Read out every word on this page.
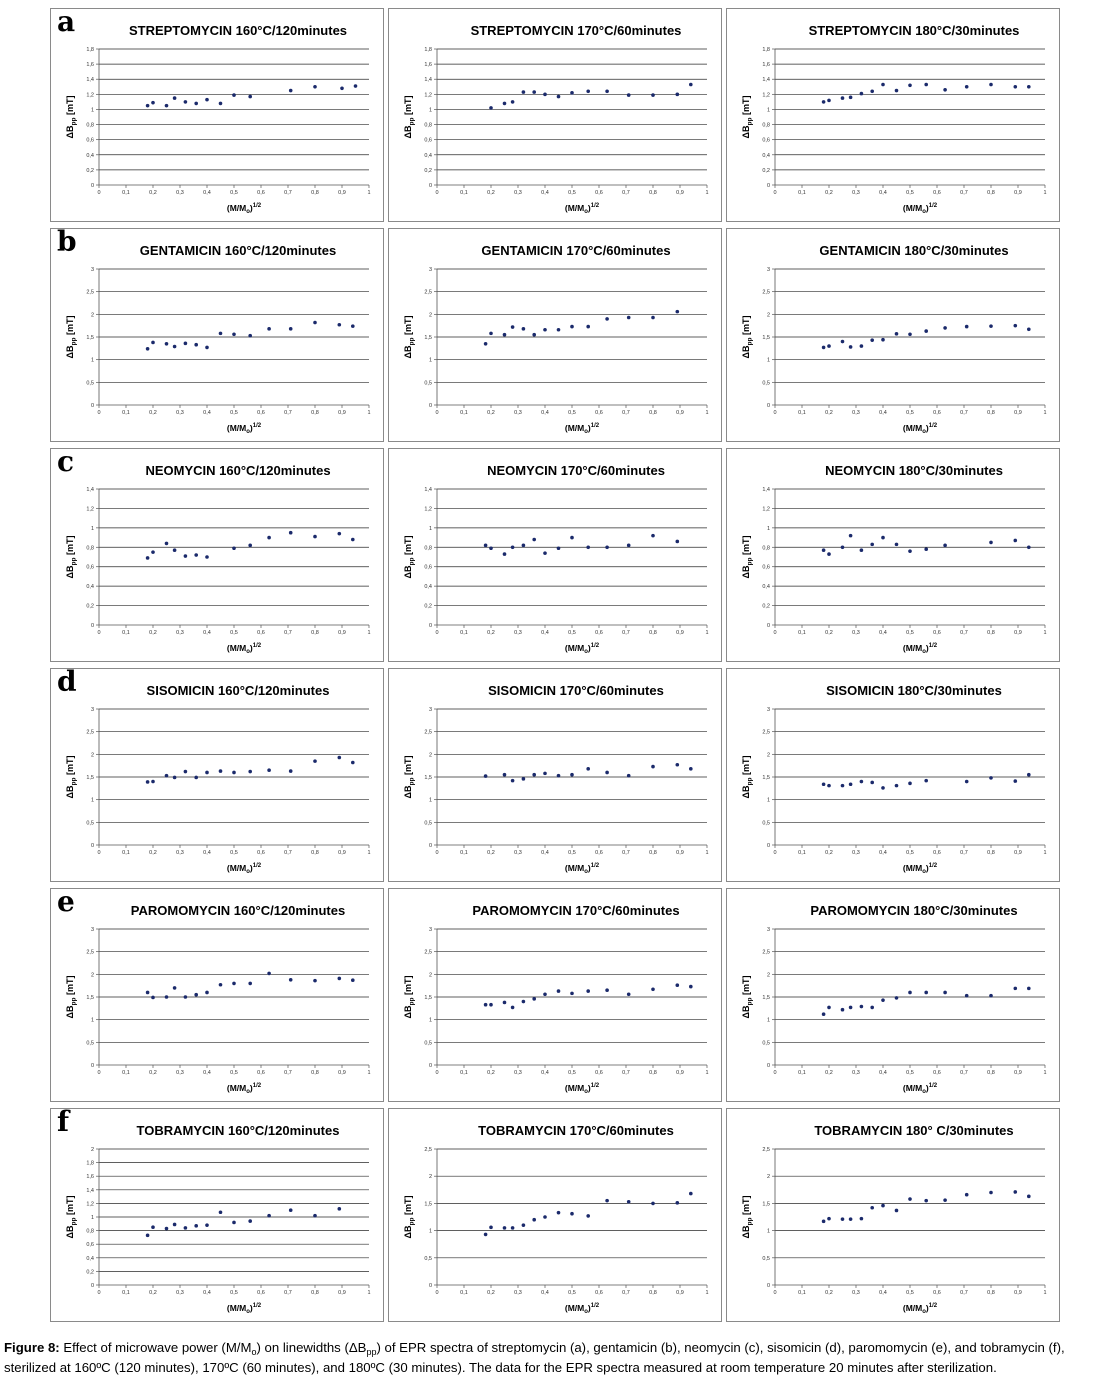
a	STREPTOMYCIN 160°C/120minutes
0
0,2
0,4
0,6
0,8
1
1,2
1,4
1,6
1,8
0	0,1	0,2	0,3	0,4	0,5	0,6	0,7	0,8	0,9	1
$(M/M_o)^{1/2}$
$\Delta B_{pp}$ [mT]
STREPTOMYCIN 170°C/60minutes
0
0,2
0,4
0,6
0,8
1
1,2
1,4
1,6
1,8
0	0,1	0,2	0,3	0,4	0,5	0,6	0,7	0,8	0,9	1
$(M/M_o)^{1/2}$
$\Delta B_{pp}$ [mT]
STREPTOMYCIN 180°C/30minutes
0
0,2
0,4
0,6
0,8
1
1,2
1,4
1,6
1,8
0	0,1	0,2	0,3	0,4	0,5	0,6	0,7	0,8	0,9	1
$(M/M_o)^{1/2}$
$\Delta B_{pp}$ [mT]
b	GENTAMICIN 160°C/120minutes
0
0,5
1
1,5
2
2,5
3
0	0,1	0,2	0,3	0,4	0,5	0,6	0,7	0,8	0,9	1
$(M/M_o)^{1/2}$
$\Delta B_{pp}$ [mT]
GENTAMICIN 170°C/60minutes
0
0,5
1
1,5
2
2,5
3
0	0,1	0,2	0,3	0,4	0,5	0,6	0,7	0,8	0,9	1
$(M/M_o)^{1/2}$
$\Delta B_{pp}$ [mT]
GENTAMICIN 180°C/30minutes
0
0,5
1
1,5
2
2,5
3
0	0,1	0,2	0,3	0,4	0,5	0,6	0,7	0,8	0,9	1
$(M/M_o)^{1/2}$
$\Delta B_{pp}$ [mT]
c	NEOMYCIN 160°C/120minutes
0
0,2
0,4
0,6
0,8
1
1,2
1,4
0	0,1	0,2	0,3	0,4	0,5	0,6	0,7	0,8	0,9	1
$(M/M_o)^{1/2}$
$\Delta B_{pp}$ [mT]
NEOMYCIN 170°C/60minutes
0
0,2
0,4
0,6
0,8
1
1,2
1,4
0	0,1	0,2	0,3	0,4	0,5	0,6	0,7	0,8	0,9	1
$(M/M_o)^{1/2}$
$\Delta B_{pp}$ [mT]
NEOMYCIN 180°C/30minutes
0
0,2
0,4
0,6
0,8
1
1,2
1,4
0	0,1	0,2	0,3	0,4	0,5	0,6	0,7	0,8	0,9	1
$(M/M_o)^{1/2}$
$\Delta B_{pp}$ [mT]
d	SISOMICIN 160°C/120minutes
0
0,5
1
1,5
2
2,5
3
0	0,1	0,2	0,3	0,4	0,5	0,6	0,7	0,8	0,9	1
$(M/M_o)^{1/2}$
$\Delta B_{pp}$ [mT]
SISOMICIN 170°C/60minutes
0
0,5
1
1,5
2
2,5
3
0	0,1	0,2	0,3	0,4	0,5	0,6	0,7	0,8	0,9	1
$(M/M_o)^{1/2}$
$\Delta B_{pp}$ [mT]
SISOMICIN 180°C/30minutes
0
0,5
1
1,5
2
2,5
3
0	0,1	0,2	0,3	0,4	0,5	0,6	0,7	0,8	0,9	1
$(M/M_o)^{1/2}$
$\Delta B_{pp}$ [mT]
e	PAROMOMYCIN 160°C/120minutes
0
0,5
1
1,5
2
2,5
3
0	0,1	0,2	0,3	0,4	0,5	0,6	0,7	0,8	0,9	1
$(M/M_o)^{1/2}$
$\Delta B_{pp}$ [mT]
PAROMOMYCIN 170°C/60minutes
0
0,5
1
1,5
2
2,5
3
0	0,1	0,2	0,3	0,4	0,5	0,6	0,7	0,8	0,9	1
$(M/M_o)^{1/2}$
$\Delta B_{pp}$ [mT]
PAROMOMYCIN 180°C/30minutes
0
0,5
1
1,5
2
2,5
3
0	0,1	0,2	0,3	0,4	0,5	0,6	0,7	0,8	0,9	1
$(M/M_o)^{1/2}$
$\Delta B_{pp}$ [mT]
f	TOBRAMYCIN 160°C/120minutes
0
0,2
0,4
0,6
0,8
1
1,2
1,4
1,6
1,8
2
0	0,1	0,2	0,3	0,4	0,5	0,6	0,7	0,8	0,9	1
$(M/M_o)^{1/2}$
$\Delta B_{pp}$ [mT]
TOBRAMYCIN 170°C/60minutes
0
0,5
1
1,5
2
2,5
0	0,1	0,2	0,3	0,4	0,5	0,6	0,7	0,8	0,9	1
$(M/M_o)^{1/2}$
$\Delta B_{pp}$ [mT]
TOBRAMYCIN 180° C/30minutes
0
0,5
1
1,5
2
2,5
0	0,1	0,2	0,3	0,4	0,5	0,6	0,7	0,8	0,9	1
$(M/M_o)^{1/2}$
$\Delta B_{pp}$ [mT]
Figure 8: Effect of microwave power $(M/M_o)$ on linewidths $(\Delta B_{pp})$ of EPR spectra of streptomycin (a), gentamicin (b), neomycin (c), sisomicin (d), paromomycin (e), and tobramycin (f), sterilized at 160ºC (120 minutes), 170ºC (60 minutes), and 180ºC (30 minutes). The data for the EPR spectra measured at room temperature 20 minutes after sterilization.
